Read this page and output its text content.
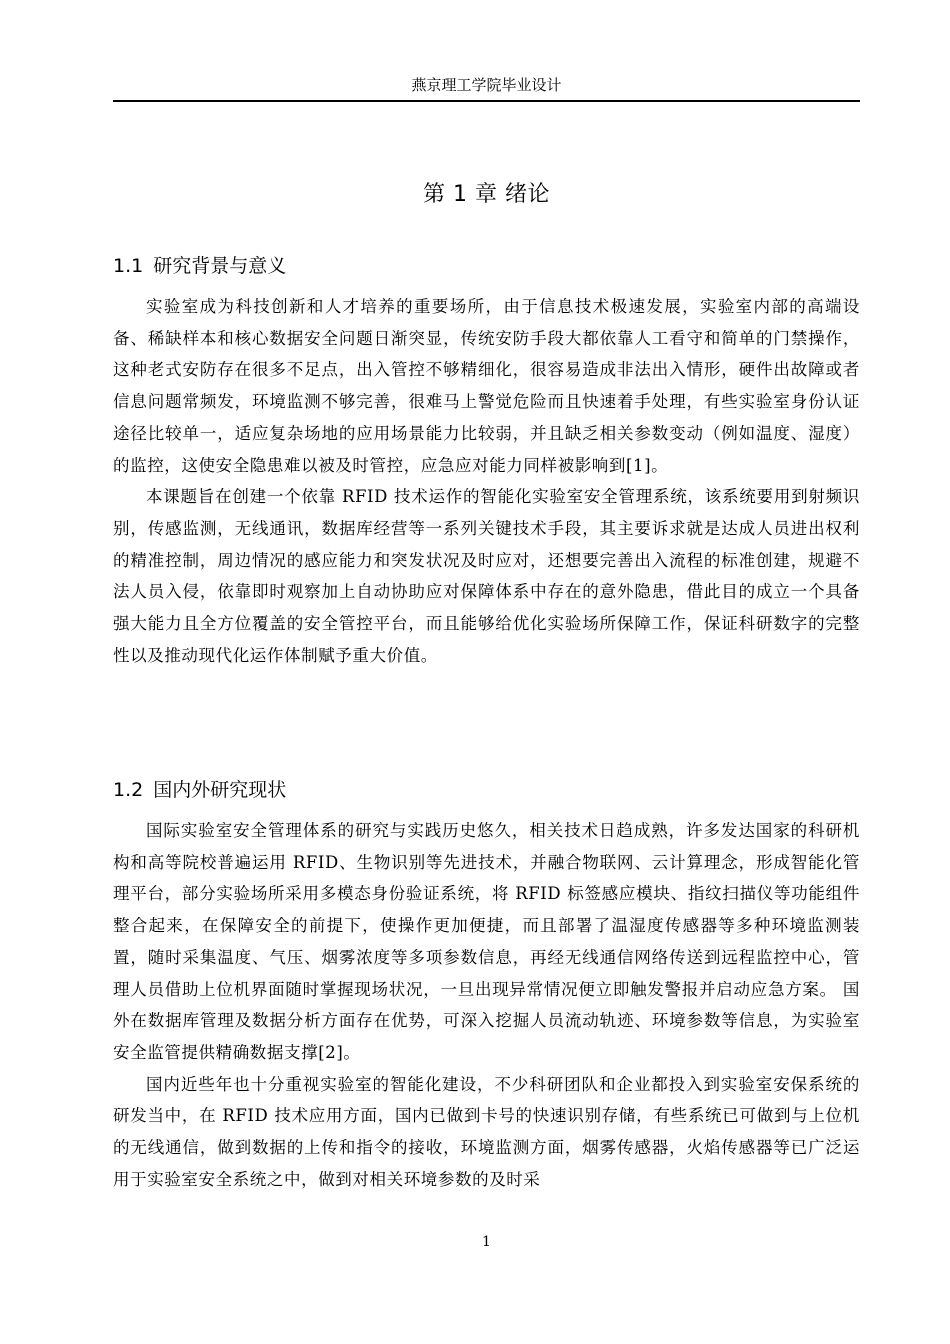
燕京理工学院毕业设计
第 1 章 绪论
1.1 研究背景与意义

实验室成为科技创新和人才培养的重要场所，由于信息技术极速发展，实验室内部的高端设备、稀缺样本和核心数据安全问题日渐突显，传统安防手段大都依靠人工看守和简单的门禁操作，这种老式安防存在很多不足点，出入管控不够精细化，很容易造成非法出入情形，硬件出故障或者信息问题常频发，环境监测不够完善，很难马上警觉危险而且快速着手处理，有些实验室身份认证途径比较单一，适应复杂场地的应用场景能力比较弱，并且缺乏相关参数变动（例如温度、湿度）的监控，这使安全隐患难以被及时管控，应急应对能力同样被影响到[1]。

本课题旨在创建一个依靠 RFID 技术运作的智能化实验室安全管理系统，该系统要用到射频识别，传感监测，无线通讯，数据库经营等一系列关键技术手段，其主要诉求就是达成人员进出权利的精准控制，周边情况的感应能力和突发状况及时应对，还想要完善出入流程的标准创建，规避不法人员入侵，依靠即时观察加上自动协助应对保障体系中存在的意外隐患，借此目的成立一个具备强大能力且全方位覆盖的安全管控平台，而且能够给优化实验场所保障工作，保证科研数字的完整性以及推动现代化运作体制赋予重大价值。

1.2 国内外研究现状

国际实验室安全管理体系的研究与实践历史悠久，相关技术日趋成熟，许多发达国家的科研机构和高等院校普遍运用 RFID、生物识别等先进技术，并融合物联网、云计算理念，形成智能化管理平台，部分实验场所采用多模态身份验证系统，将 RFID 标签感应模块、指纹扫描仪等功能组件整合起来，在保障安全的前提下，使操作更加便捷，而且部署了温湿度传感器等多种环境监测装置，随时采集温度、气压、烟雾浓度等多项参数信息，再经无线通信网络传送到远程监控中心，管理人员借助上位机界面随时掌握现场状况，一旦出现异常情况便立即触发警报并启动应急方案。 国外在数据库管理及数据分析方面存在优势，可深入挖掘人员流动轨迹、环境参数等信息，为实验室安全监管提供精确数据支撑[2]。

国内近些年也十分重视实验室的智能化建设，不少科研团队和企业都投入到实验室安保系统的研发当中，在 RFID 技术应用方面，国内已做到卡号的快速识别存储，有些系统已可做到与上位机的无线通信，做到数据的上传和指令的接收，环境监测方面，烟雾传感器，火焰传感器等已广泛运用于实验室安全系统之中，做到对相关环境参数的及时采

1
